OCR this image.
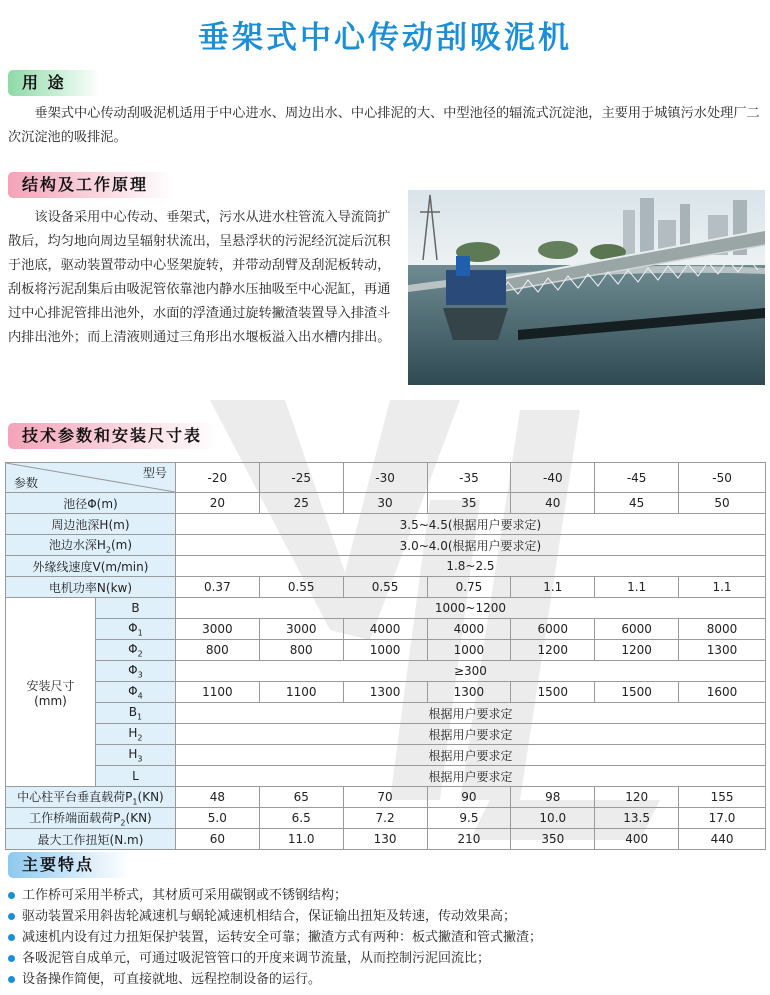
垂架式中心传动刮吸泥机
用 途

垂架式中心传动刮吸泥机适用于中心进水、周边出水、中心排泥的大、中型池径的辐流式沉淀池，主要用于城镇污水处理厂二次沉淀池的吸排泥。

结构及工作原理

该设备采用中心传动、垂架式，污水从进水柱管流入导流筒扩散后，均匀地向周边呈辐射状流出，呈悬浮状的污泥经沉淀后沉积于池底，驱动装置带动中心竖架旋转，并带动刮臂及刮泥板转动，刮板将污泥刮集后由吸泥管依靠池内静水压抽吸至中心泥缸，再通过中心排泥管排出池外，水面的浮渣通过旋转撇渣装置导入排渣斗内排出池外；而上清液则通过三角形出水堰板溢入出水槽内排出。

技术参数和安装尺寸表
型号
参数		-20	-25	-30	-35	-40	-45	-50
池径Φ(m)		20	25	30	35	40	45	50
周边池深H(m)		3.5~4.5(根据用户要求定)						
池边水深$H_2(m)$		3.0~4.0(根据用户要求定)						
外缘线速度V(m/min)		1.8~2.5						
电机功率N(kw)		0.37	0.55	0.55	0.75	1.1	1.1	1.1

安装尺寸
(mm)	B	1000~1200						
	$\Phi_1$	3000	3000	4000	4000	6000	6000	8000
	$\Phi_2$	800	800	1000	1000	1200	1200	1300
	$\Phi_3$	≥300						
	$\Phi_4$	1100	1100	1300	1300	1500	1500	1600
	$B_1$	根据用户要求定						
	$H_2$	根据用户要求定						
	$H_3$	根据用户要求定						
	L	根据用户要求定						
中心柱平台垂直载荷$P_1(KN)$		48	65	70	90	98	120	155
工作桥端面载荷$P_2(KN)$		5.0	6.5	7.2	9.5	10.0	13.5	17.0
最大工作扭矩(N.m)		60	11.0	130	210	350	400	440
主要特点
工作桥可采用半桥式，其材质可采用碳钢或不锈钢结构；
驱动装置采用斜齿轮减速机与蜗轮减速机相结合，保证输出扭矩及转速，传动效果高；
减速机内设有过力扭矩保护装置，运转安全可靠；撇渣方式有两种：板式撇渣和管式撇渣；
各吸泥管自成单元，可通过吸泥管管口的开度来调节流量，从而控制污泥回流比；
设备操作简便，可直接就地、远程控制设备的运行。
